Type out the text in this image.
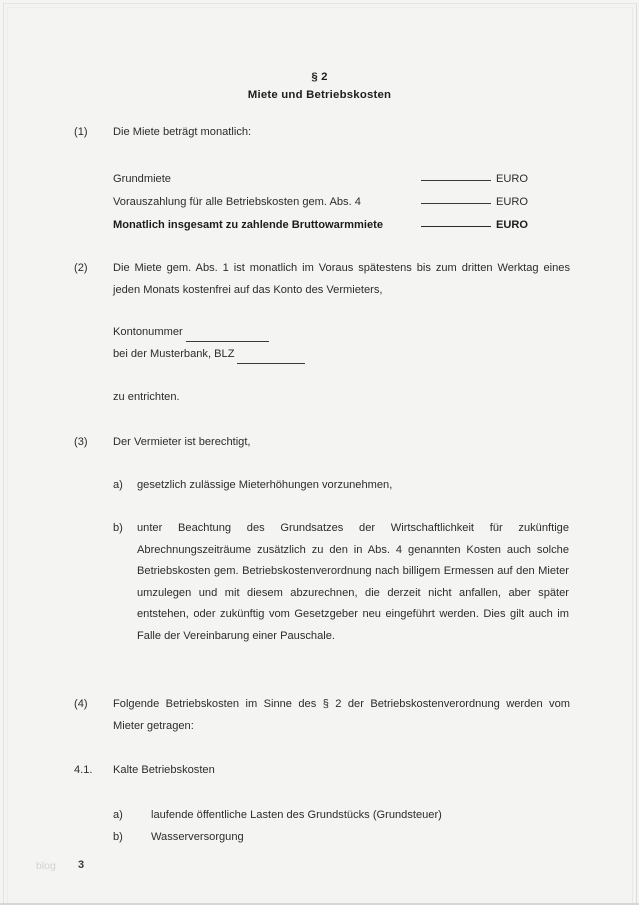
§ 2
Miete und Betriebskosten
(1)	Die Miete beträgt monatlich:
Grundmiete	EURO
Vorauszahlung für alle Betriebskosten gem. Abs. 4	EURO
Monatlich insgesamt zu zahlende Bruttowarmmiete	EURO
(2)	Die Miete gem. Abs. 1 ist monatlich im Voraus spätestens bis zum dritten Werktag eines jeden Monats kostenfrei auf das Konto des Vermieters,
Kontonummer
bei der Musterbank, BLZ
zu entrichten.
(3)	Der Vermieter ist berechtigt,
a)	gesetzlich zulässige Mieterhöhungen vorzunehmen,
b)	unter Beachtung des Grundsatzes der Wirtschaftlichkeit für zukünftige Abrechnungszeiträume zusätzlich zu den in Abs. 4 genannten Kosten auch solche Betriebskosten gem. Betriebskostenverordnung nach billigem Ermessen auf den Mieter umzulegen und mit diesem abzurechnen, die derzeit nicht anfallen, aber später entstehen, oder zukünftig vom Gesetzgeber neu eingeführt werden. Dies gilt auch im Falle der Vereinbarung einer Pauschale.
(4)	Folgende Betriebskosten im Sinne des § 2 der Betriebskostenverordnung werden vom Mieter getragen:
4.1.	Kalte Betriebskosten
a)	laufende öffentliche Lasten des Grundstücks (Grundsteuer)
b)	Wasserversorgung
blog 3
